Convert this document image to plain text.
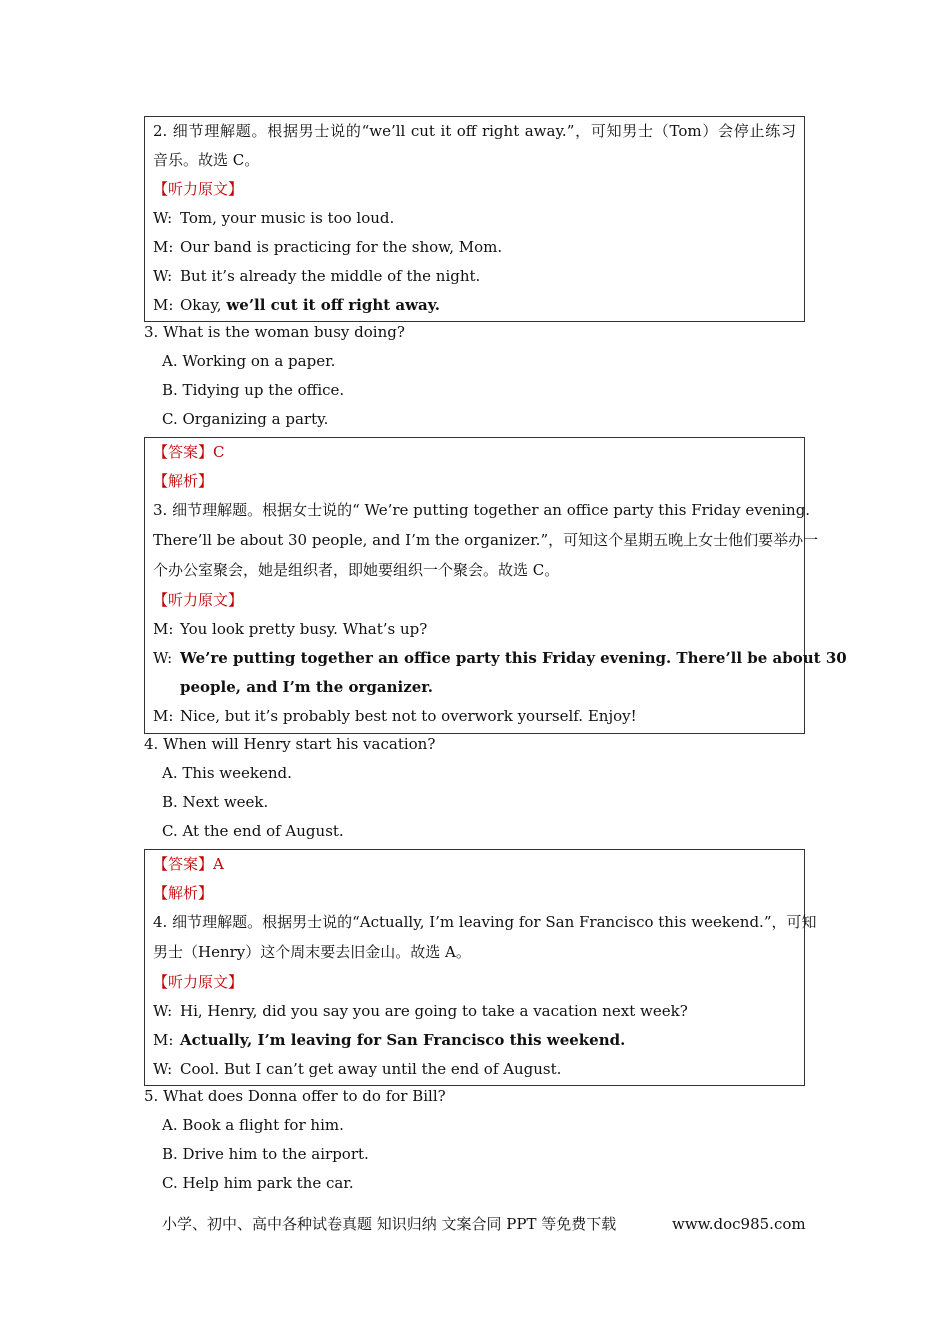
2. 细节理解题。根据男士说的“we’ll cut it off right away.”，可知男士（Tom）会停止练习
音乐。故选 C。
【听力原文】
W: Tom, your music is too loud.
M: Our band is practicing for the show, Mom.
W: But it’s already the middle of the night.
M: Okay, we’ll cut it off right away.
3. What is the woman busy doing?
A. Working on a paper.
B. Tidying up the office.
C. Organizing a party.
【答案】C
【解析】
3. 细节理解题。根据女士说的“ We’re putting together an office party this Friday evening.
There’ll be about 30 people, and I’m the organizer.”，可知这个星期五晚上女士他们要举办一
个办公室聚会，她是组织者，即她要组织一个聚会。故选 C。
【听力原文】
M: You look pretty busy. What’s up?
W: We’re putting together an office party this Friday evening. There’ll be about 30
people, and I’m the organizer.
M: Nice, but it’s probably best not to overwork yourself. Enjoy!
4. When will Henry start his vacation?
A. This weekend.
B. Next week.
C. At the end of August.
【答案】A
【解析】
4. 细节理解题。根据男士说的“Actually, I’m leaving for San Francisco this weekend.”，可知
男士（Henry）这个周末要去旧金山。故选 A。
【听力原文】
W: Hi, Henry, did you say you are going to take a vacation next week?
M: Actually, I’m leaving for San Francisco this weekend.
W: Cool. But I can’t get away until the end of August.
5. What does Donna offer to do for Bill?
A. Book a flight for him.
B. Drive him to the airport.
C. Help him park the car.
小学、初中、高中各种试卷真题 知识归纳 文案合同 PPT 等免费下载	www.doc985.com
